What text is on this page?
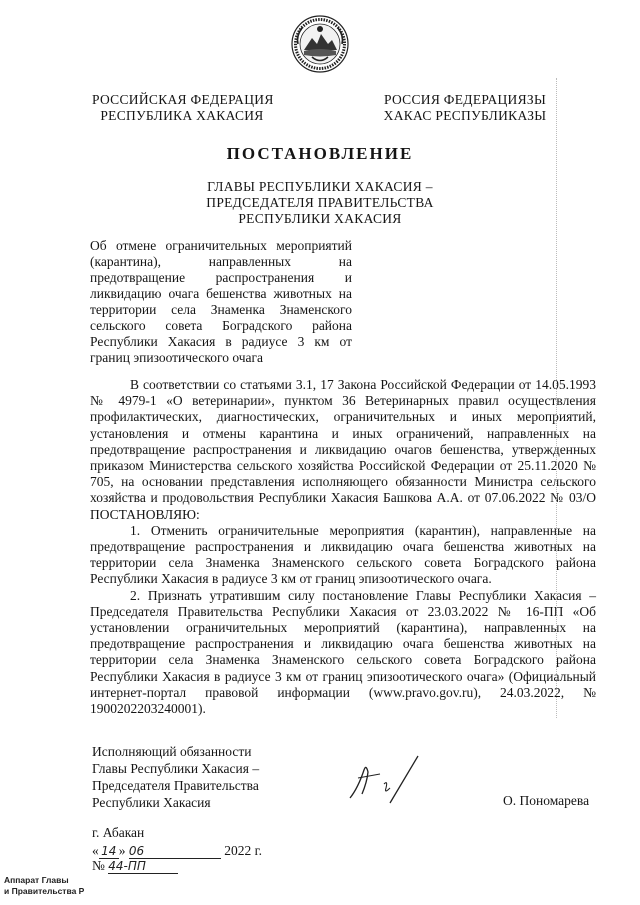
РОССИЙСКАЯ ФЕДЕРАЦИЯ
РЕСПУБЛИКА ХАКАСИЯ
РОССИЯ ФЕДЕРАЦИЯЗЫ
ХАКАС РЕСПУБЛИКАЗЫ
ПОСТАНОВЛЕНИЕ
ГЛАВЫ РЕСПУБЛИКИ ХАКАСИЯ –
ПРЕДСЕДАТЕЛЯ ПРАВИТЕЛЬСТВА
РЕСПУБЛИКИ ХАКАСИЯ
Об отмене ограничительных мероприятий (карантина), направленных на предотвращение распространения и ликвидацию очага бешенства животных на территории села Знаменка Знаменского сельского совета Боградского района Республики Хакасия в радиусе 3 км от границ эпизоотического очага

В соответствии со статьями 3.1, 17 Закона Российской Федерации от 14.05.1993 № 4979-1 «О ветеринарии», пунктом 36 Ветеринарных правил осуществления профилактических, диагностических, ограничительных и иных мероприятий, установления и отмены карантина и иных ограничений, направленных на предотвращение распространения и ликвидацию очагов бешенства, утвержденных приказом Министерства сельского хозяйства Российской Федерации от 25.11.2020 № 705, на основании представления исполняющего обязанности Министра сельского хозяйства и продовольствия Республики Хакасия Башкова А.А. от 07.06.2022 № 03/О ПОСТАНОВЛЯЮ:

1. Отменить ограничительные мероприятия (карантин), направленные на предотвращение распространения и ликвидацию очага бешенства животных на территории села Знаменка Знаменского сельского совета Боградского района Республики Хакасия в радиусе 3 км от границ эпизоотического очага.

2. Признать утратившим силу постановление Главы Республики Хакасия – Председателя Правительства Республики Хакасия от 23.03.2022 № 16-ПП «Об установлении ограничительных мероприятий (карантина), направленных на предотвращение распространения и ликвидацию очага бешенства животных на территории села Знаменка Знаменского сельского совета Боградского района Республики Хакасия в радиусе 3 км от границ эпизоотического очага» (Официальный интернет-портал правовой информации (www.pravo.gov.ru), 24.03.2022, № 1900202203240001).

Исполняющий обязанности
Главы Республики Хакасия –
Председателя Правительства
Республики Хакасия	О. Пономарева
г. Абакан
« 14 » 06	2022 г.
№ 44-ПП
Аппарат Главы
и Правительства Р
